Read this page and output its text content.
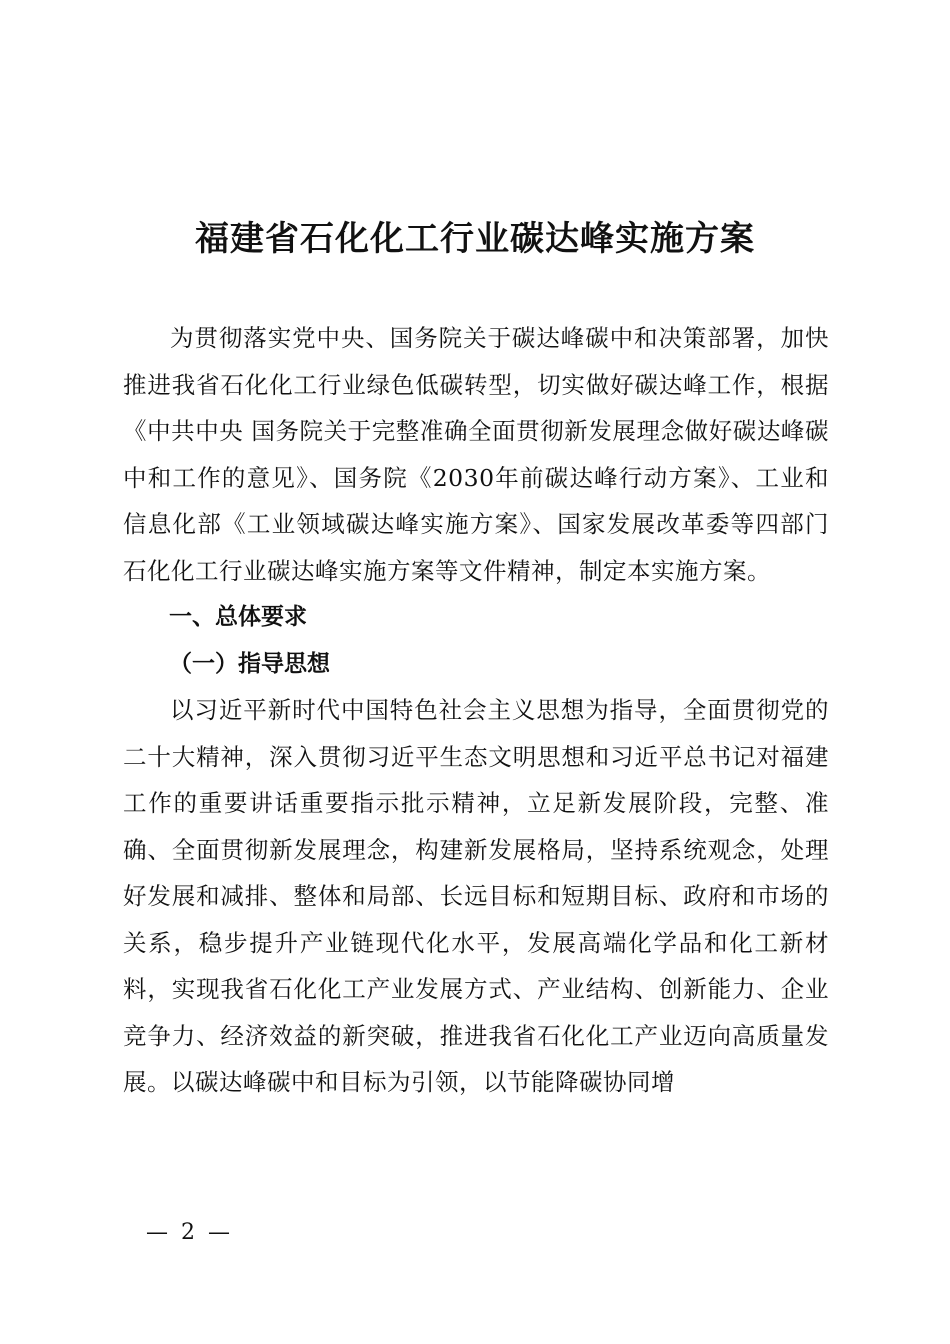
福建省石化化工行业碳达峰实施方案

为贯彻落实党中央、国务院关于碳达峰碳中和决策部署，加快推进我省石化化工行业绿色低碳转型，切实做好碳达峰工作，根据《中共中央 国务院关于完整准确全面贯彻新发展理念做好碳达峰碳中和工作的意见》、国务院《2030年前碳达峰行动方案》、工业和信息化部《工业领域碳达峰实施方案》、国家发展改革委等四部门石化化工行业碳达峰实施方案等文件精神，制定本实施方案。

一、总体要求

（一）指导思想

以习近平新时代中国特色社会主义思想为指导，全面贯彻党的二十大精神，深入贯彻习近平生态文明思想和习近平总书记对福建工作的重要讲话重要指示批示精神，立足新发展阶段，完整、准确、全面贯彻新发展理念，构建新发展格局，坚持系统观念，处理好发展和减排、整体和局部、长远目标和短期目标、政府和市场的关系，稳步提升产业链现代化水平，发展高端化学品和化工新材料，实现我省石化化工产业发展方式、产业结构、创新能力、企业竞争力、经济效益的新突破，推进我省石化化工产业迈向高质量发展。以碳达峰碳中和目标为引领，以节能降碳协同增

— 2 —
